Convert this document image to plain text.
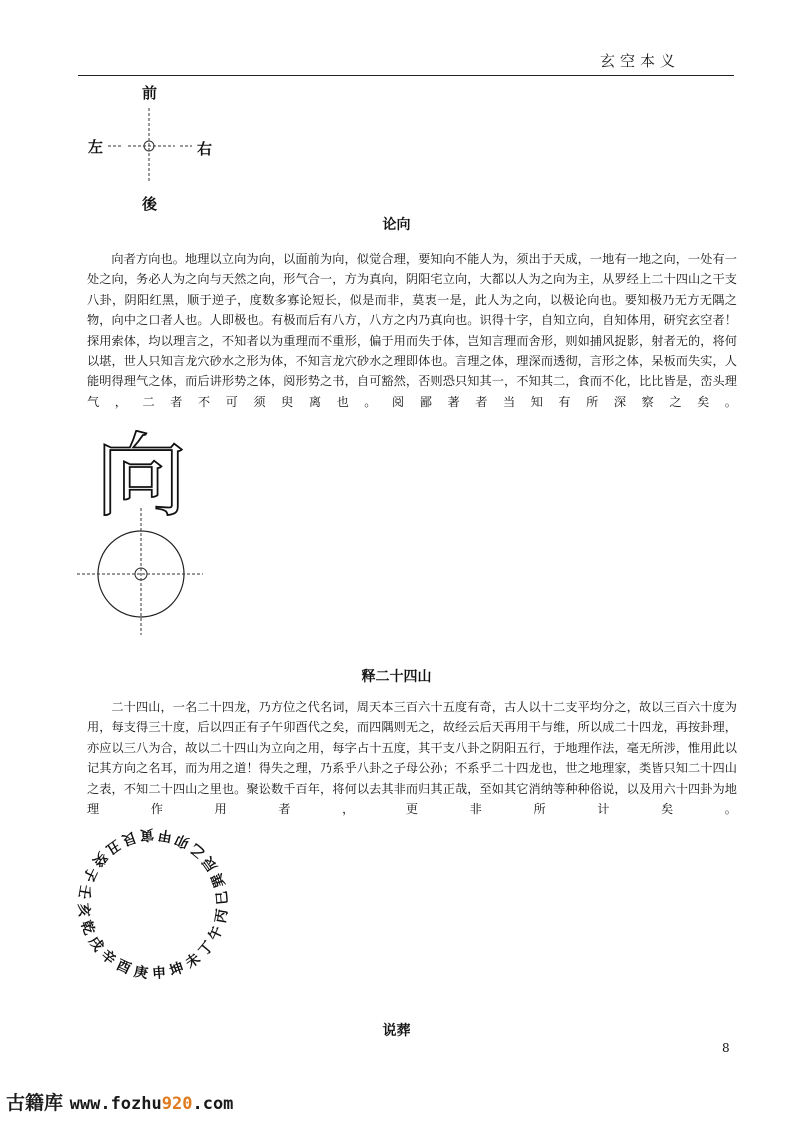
玄空本义
前
後
左	右
论向
向者方向也。地理以立向为向，以面前为向，似觉合理，要知向不能人为，须出于天成，一地有一地之向，一处有一处之向，务必人为之向与天然之向，形气合一，方为真向，阴阳宅立向，大都以人为之向为主，从罗经上二十四山之干支八卦，阴阳红黑，顺于逆子，度数多寡论短长，似是而非，莫衷一是，此人为之向，以极论向也。要知极乃无方无隅之物，向中之口者人也。人即极也。有极而后有八方，八方之内乃真向也。识得十字，自知立向，自知体用，研究玄空者！探用索体，均以理言之，不知者以为重理而不重形，偏于用而失于体，岂知言理而舍形，则如捕风捉影，射者无的，将何以堪，世人只知言龙穴砂水之形为体，不知言龙穴砂水之理即体也。言理之体，理深而透彻，言形之体，呆板而失实，人能明得理气之体，而后讲形势之体，阅形势之书，自可豁然，否则恐只知其一，不知其二，食而不化，比比皆是，峦头理气，二者不可须臾离也。阅鄙著者当知有所深察之矣。
向
释二十四山
二十四山，一名二十四龙，乃方位之代名词，周天本三百六十五度有奇，古人以十二支平均分之，故以三百六十度为用，每支得三十度，后以四正有子午卯酉代之矣，而四隅则无之，故经云后天再用干与维，所以成二十四龙，再按卦理，亦应以三八为合，故以二十四山为立向之用，每字占十五度，其干支八卦之阴阳五行，于地理作法，毫无所涉，惟用此以记其方向之名耳，而为用之道！得失之理，乃系乎八卦之子母公孙；不系乎二十四龙也，世之地理家，类皆只知二十四山之表，不知二十四山之里也。聚讼数千百年，将何以去其非而归其正哉，至如其它消纳等种种俗说，以及用六十四卦为地理作用者，更非所计矣。
卯
乙
辰
巽
巳
丙
午
丁
未
坤
申
庚
酉
辛
戌
乾
亥
壬
子
癸
丑
艮 寅 甲
说葬
8
古籍库 www.fozhu920.com
